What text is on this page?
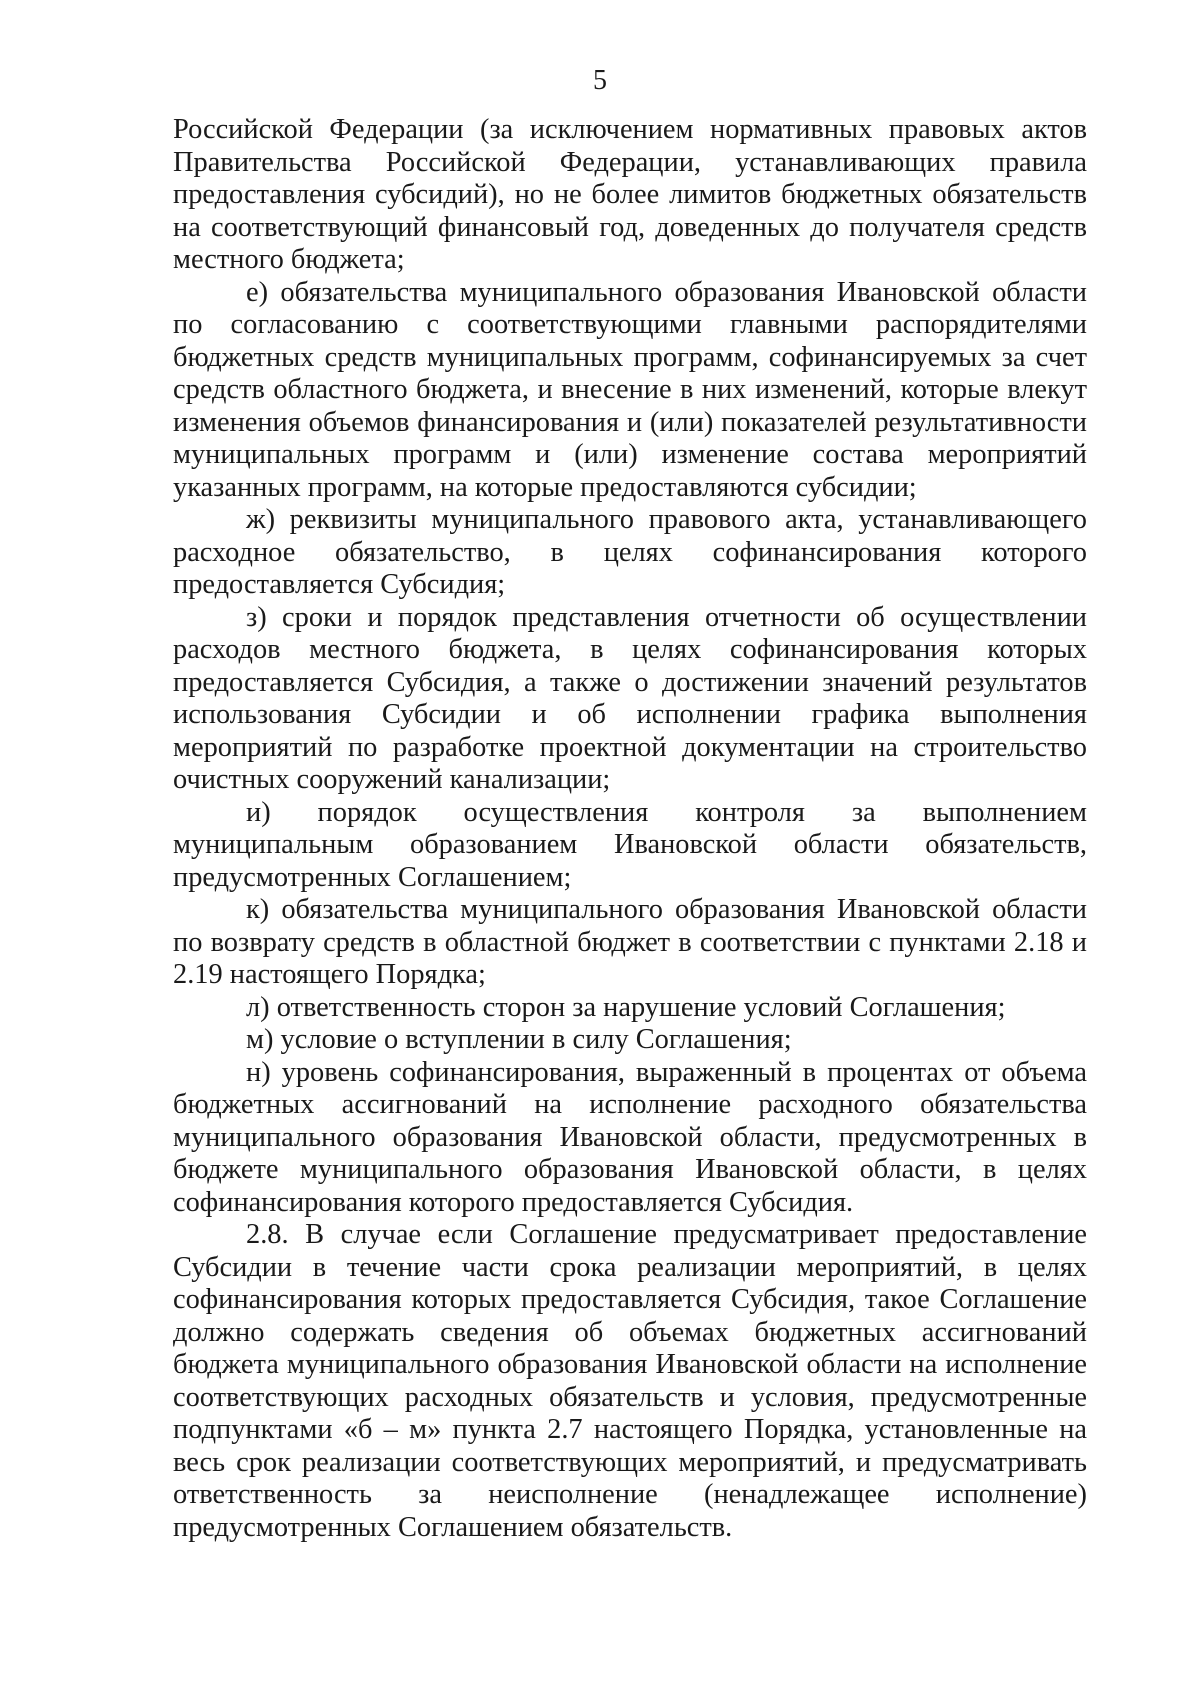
5

Российской Федерации (за исключением нормативных правовых актов Правительства Российской Федерации, устанавливающих правила предоставления субсидий), но не более лимитов бюджетных обязательств на соответствующий финансовый год, доведенных до получателя средств местного бюджета;

е) обязательства муниципального образования Ивановской области по согласованию с соответствующими главными распорядителями бюджетных средств муниципальных программ, софинансируемых за счет средств областного бюджета, и внесение в них изменений, которые влекут изменения объемов финансирования и (или) показателей результативности муниципальных программ и (или) изменение состава мероприятий указанных программ, на которые предоставляются субсидии;

ж) реквизиты муниципального правового акта, устанавливающего расходное обязательство, в целях софинансирования которого предоставляется Субсидия;

з) сроки и порядок представления отчетности об осуществлении расходов местного бюджета, в целях софинансирования которых предоставляется Субсидия, а также о достижении значений результатов использования Субсидии и об исполнении графика выполнения мероприятий по разработке проектной документации на строительство очистных сооружений канализации;

и) порядок осуществления контроля за выполнением муниципальным образованием Ивановской области обязательств, предусмотренных Соглашением;

к) обязательства муниципального образования Ивановской области по возврату средств в областной бюджет в соответствии с пунктами 2.18 и 2.19 настоящего Порядка;

л) ответственность сторон за нарушение условий Соглашения;

м) условие о вступлении в силу Соглашения;

н) уровень софинансирования, выраженный в процентах от объема бюджетных ассигнований на исполнение расходного обязательства муниципального образования Ивановской области, предусмотренных в бюджете муниципального образования Ивановской области, в целях софинансирования которого предоставляется Субсидия.

2.8. В случае если Соглашение предусматривает предоставление Субсидии в течение части срока реализации мероприятий, в целях софинансирования которых предоставляется Субсидия, такое Соглашение должно содержать сведения об объемах бюджетных ассигнований бюджета муниципального образования Ивановской области на исполнение соответствующих расходных обязательств и условия, предусмотренные подпунктами «б – м» пункта 2.7 настоящего Порядка, установленные на весь срок реализации соответствующих мероприятий, и предусматривать ответственность за неисполнение (ненадлежащее исполнение) предусмотренных Соглашением обязательств.
